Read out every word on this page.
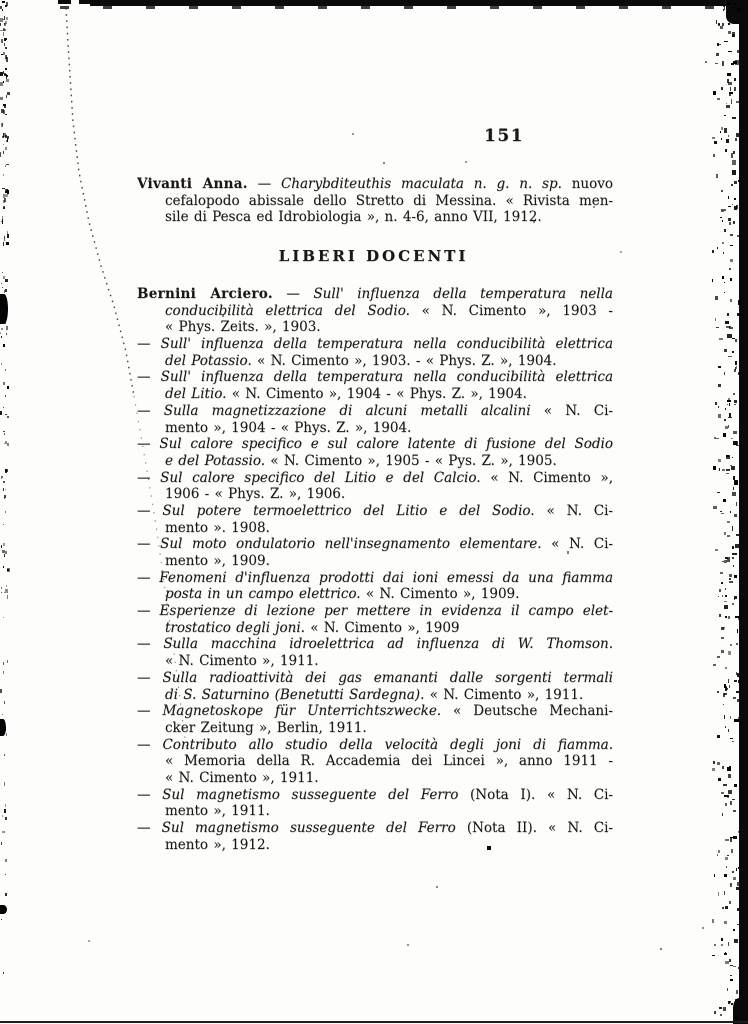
151
Vivanti Anna. — Charybditeuthis maculata n. g. n. sp. nuovo
cefalopodo abissale dello Stretto di Messina. « Rivista men-
sile di Pesca ed Idrobiologia », n. 4-6, anno VII, 1912.
LIBERI DOCENTI
Bernini Arciero. — Sull' influenza della temperatura nella
conducibilità elettrica del Sodio. « N. Cimento », 1903 -
« Phys. Zeits. », 1903.
— Sull' influenza della temperatura nella conducibilità elettrica
del Potassio. « N. Cimento », 1903. - « Phys. Z. », 1904.
— Sull' influenza della temperatura nella conducibilità elettrica
del Litio. « N. Cimento », 1904 - « Phys. Z. », 1904.
— Sulla magnetizzazione di alcuni metalli alcalini « N. Ci-
mento », 1904 - « Phys. Z. », 1904.
— Sul calore specifico e sul calore latente di fusione del Sodio
e del Potassio. « N. Cimento », 1905 - « Pys. Z. », 1905.
— Sul calore specifico del Litio e del Calcio. « N. Cimento »,
1906 - « Phys. Z. », 1906.
— Sul potere termoelettrico del Litio e del Sodio. « N. Ci-
mento ». 1908.
— Sul moto ondulatorio nell'insegnamento elementare. « N. Ci-
mento », 1909.
— Fenomeni d'influenza prodotti dai ioni emessi da una fiamma
posta in un campo elettrico. « N. Cimento », 1909.
— Esperienze di lezione per mettere in evidenza il campo elet-
trostatico degli joni. « N. Cimento », 1909
— Sulla macchina idroelettrica ad influenza di W. Thomson.
« N. Cimento », 1911.
— Sulla radioattività dei gas emananti dalle sorgenti termali
di S. Saturnino (Benetutti Sardegna). « N. Cimento », 1911.
— Magnetoskope für Unterrichtszwecke. « Deutsche Mechani-
cker Zeitung », Berlin, 1911.
— Contributo allo studio della velocità degli joni di fiamma.
« Memoria della R. Accademia dei Lincei », anno 1911 -
« N. Cimento », 1911.
— Sul magnetismo susseguente del Ferro (Nota I). « N. Ci-
mento », 1911.
— Sul magnetismo susseguente del Ferro (Nota II). « N. Ci-
mento », 1912.
